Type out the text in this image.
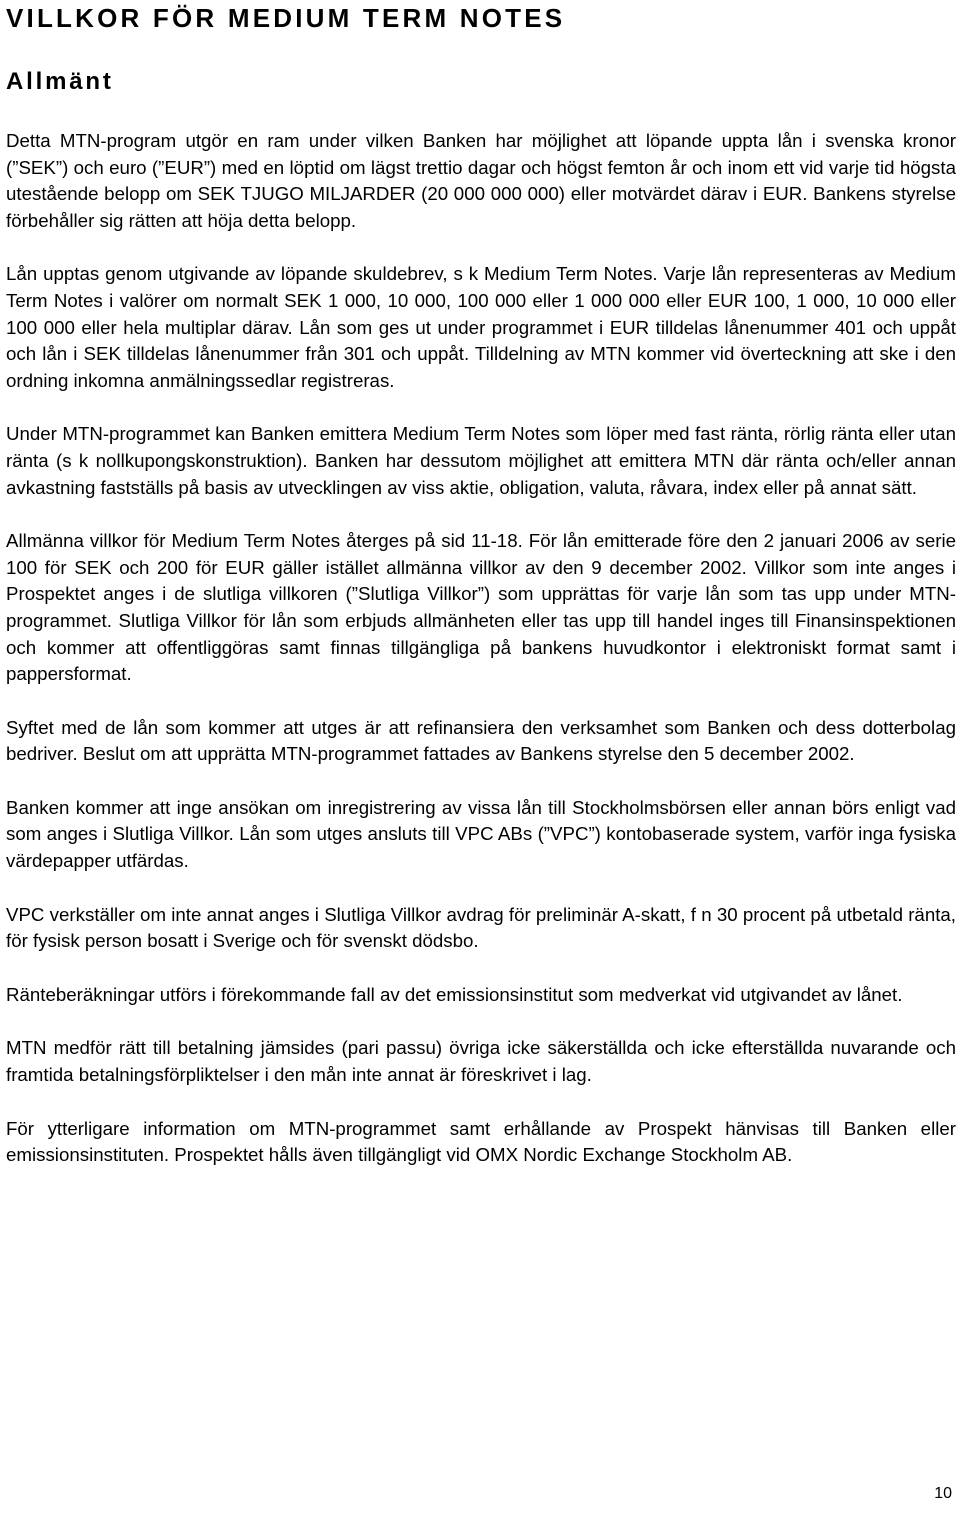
VILLKOR FÖR MEDIUM TERM NOTES
Allmänt

Detta MTN-program utgör en ram under vilken Banken har möjlighet att löpande uppta lån i svenska kronor (”SEK”) och euro (”EUR”) med en löptid om lägst trettio dagar och högst femton år och inom ett vid varje tid högsta utestående belopp om SEK TJUGO MILJARDER (20 000 000 000) eller motvärdet därav i EUR. Bankens styrelse förbehåller sig rätten att höja detta belopp.

Lån upptas genom utgivande av löpande skuldebrev, s k Medium Term Notes. Varje lån representeras av Medium Term Notes i valörer om normalt SEK 1 000, 10 000, 100 000 eller 1 000 000 eller EUR 100, 1 000, 10 000 eller 100 000 eller hela multiplar därav. Lån som ges ut under programmet i EUR tilldelas lånenummer 401 och uppåt och lån i SEK tilldelas lånenummer från 301 och uppåt. Tilldelning av MTN kommer vid överteckning att ske i den ordning inkomna anmälningssedlar registreras.

Under MTN-programmet kan Banken emittera Medium Term Notes som löper med fast ränta, rörlig ränta eller utan ränta (s k nollkupongskonstruktion). Banken har dessutom möjlighet att emittera MTN där ränta och/eller annan avkastning fastställs på basis av utvecklingen av viss aktie, obligation, valuta, råvara, index eller på annat sätt.

Allmänna villkor för Medium Term Notes återges på sid 11-18. För lån emitterade före den 2 januari 2006 av serie 100 för SEK och 200 för EUR gäller istället allmänna villkor av den 9 december 2002. Villkor som inte anges i Prospektet anges i de slutliga villkoren (”Slutliga Villkor”) som upprättas för varje lån som tas upp under MTN-programmet. Slutliga Villkor för lån som erbjuds allmänheten eller tas upp till handel inges till Finansinspektionen och kommer att offentliggöras samt finnas tillgängliga på bankens huvudkontor i elektroniskt format samt i pappersformat.

Syftet med de lån som kommer att utges är att refinansiera den verksamhet som Banken och dess dotterbolag bedriver. Beslut om att upprätta MTN-programmet fattades av Bankens styrelse den 5 december 2002.

Banken kommer att inge ansökan om inregistrering av vissa lån till Stockholmsbörsen eller annan börs enligt vad som anges i Slutliga Villkor. Lån som utges ansluts till VPC ABs (”VPC”) kontobaserade system, varför inga fysiska värdepapper utfärdas.

VPC verkställer om inte annat anges i Slutliga Villkor avdrag för preliminär A-skatt, f n 30 procent på utbetald ränta, för fysisk person bosatt i Sverige och för svenskt dödsbo.

Ränteberäkningar utförs i förekommande fall av det emissionsinstitut som medverkat vid utgivandet av lånet.

MTN medför rätt till betalning jämsides (pari passu) övriga icke säkerställda och icke efterställda nuvarande och framtida betalningsförpliktelser i den mån inte annat är föreskrivet i lag.

För ytterligare information om MTN-programmet samt erhållande av Prospekt hänvisas till Banken eller emissionsinstituten. Prospektet hålls även tillgängligt vid OMX Nordic Exchange Stockholm AB.

10
